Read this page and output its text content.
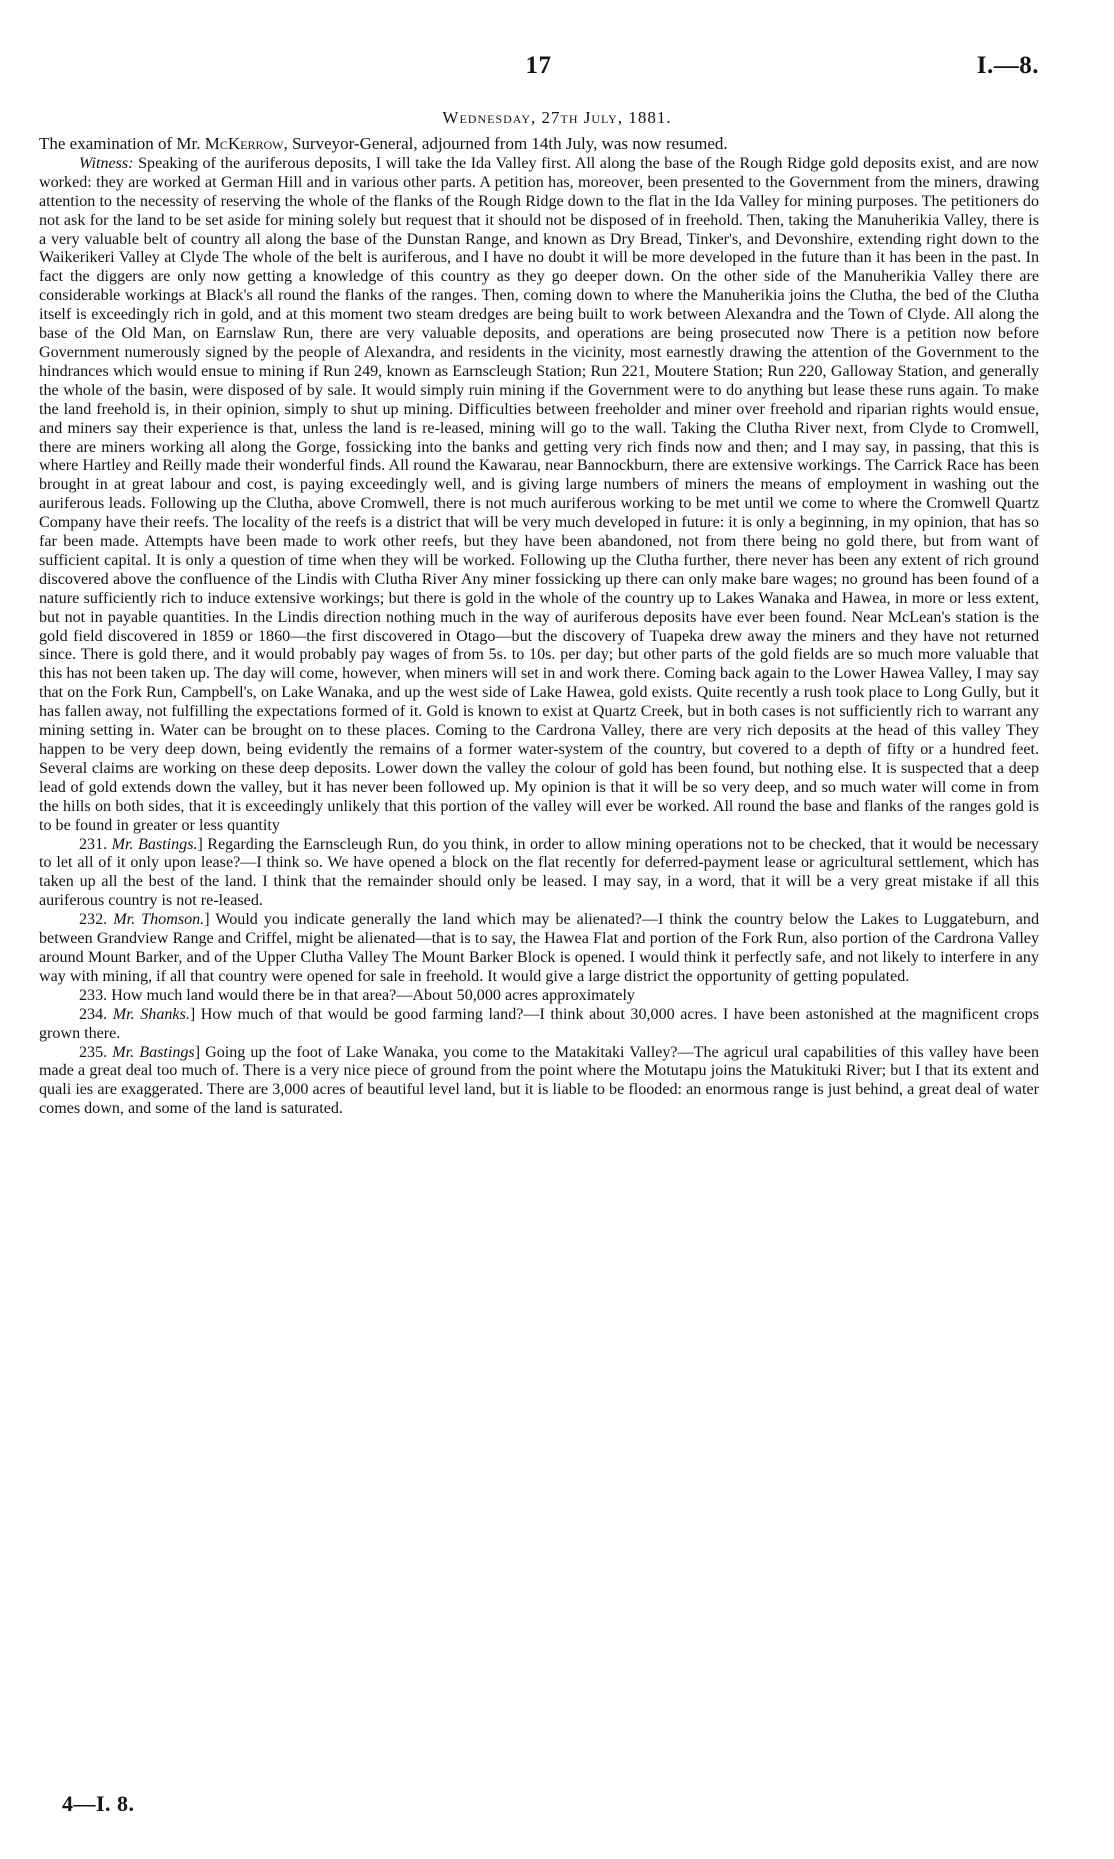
17	I.—8.
Wednesday, 27th July, 1881.

The examination of Mr. McKerrow, Surveyor-General, adjourned from 14th July, was now resumed.

Witness: Speaking of the auriferous deposits, I will take the Ida Valley first. All along the base of the Rough Ridge gold deposits exist, and are now worked: they are worked at German Hill and in various other parts. A petition has, moreover, been presented to the Government from the miners, drawing attention to the necessity of reserving the whole of the flanks of the Rough Ridge down to the flat in the Ida Valley for mining purposes. The petitioners do not ask for the land to be set aside for mining solely but request that it should not be disposed of in freehold. Then, taking the Manuherikia Valley, there is a very valuable belt of country all along the base of the Dunstan Range, and known as Dry Bread, Tinker's, and Devonshire, extending right down to the Waikerikeri Valley at Clyde The whole of the belt is auriferous, and I have no doubt it will be more developed in the future than it has been in the past. In fact the diggers are only now getting a knowledge of this country as they go deeper down. On the other side of the Manuherikia Valley there are considerable workings at Black's all round the flanks of the ranges. Then, coming down to where the Manuherikia joins the Clutha, the bed of the Clutha itself is exceedingly rich in gold, and at this moment two steam dredges are being built to work between Alexandra and the Town of Clyde. All along the base of the Old Man, on Earnslaw Run, there are very valuable deposits, and operations are being prosecuted now There is a petition now before Government numerously signed by the people of Alexandra, and residents in the vicinity, most earnestly drawing the attention of the Government to the hindrances which would ensue to mining if Run 249, known as Earnscleugh Station; Run 221, Moutere Station; Run 220, Galloway Station, and generally the whole of the basin, were disposed of by sale. It would simply ruin mining if the Government were to do anything but lease these runs again. To make the land freehold is, in their opinion, simply to shut up mining. Difficulties between freeholder and miner over freehold and riparian rights would ensue, and miners say their experience is that, unless the land is re-leased, mining will go to the wall. Taking the Clutha River next, from Clyde to Cromwell, there are miners working all along the Gorge, fossicking into the banks and getting very rich finds now and then; and I may say, in passing, that this is where Hartley and Reilly made their wonderful finds. All round the Kawarau, near Bannockburn, there are extensive workings. The Carrick Race has been brought in at great labour and cost, is paying exceedingly well, and is giving large numbers of miners the means of employment in washing out the auriferous leads. Following up the Clutha, above Cromwell, there is not much auriferous working to be met until we come to where the Cromwell Quartz Company have their reefs. The locality of the reefs is a district that will be very much developed in future: it is only a beginning, in my opinion, that has so far been made. Attempts have been made to work other reefs, but they have been abandoned, not from there being no gold there, but from want of sufficient capital. It is only a question of time when they will be worked. Following up the Clutha further, there never has been any extent of rich ground discovered above the confluence of the Lindis with Clutha River Any miner fossicking up there can only make bare wages; no ground has been found of a nature sufficiently rich to induce extensive workings; but there is gold in the whole of the country up to Lakes Wanaka and Hawea, in more or less extent, but not in payable quantities. In the Lindis direction nothing much in the way of auriferous deposits have ever been found. Near McLean's station is the gold field discovered in 1859 or 1860—the first discovered in Otago—but the discovery of Tuapeka drew away the miners and they have not returned since. There is gold there, and it would probably pay wages of from 5s. to 10s. per day; but other parts of the gold fields are so much more valuable that this has not been taken up. The day will come, however, when miners will set in and work there. Coming back again to the Lower Hawea Valley, I may say that on the Fork Run, Campbell's, on Lake Wanaka, and up the west side of Lake Hawea, gold exists. Quite recently a rush took place to Long Gully, but it has fallen away, not fulfilling the expectations formed of it. Gold is known to exist at Quartz Creek, but in both cases is not sufficiently rich to warrant any mining setting in. Water can be brought on to these places. Coming to the Cardrona Valley, there are very rich deposits at the head of this valley They happen to be very deep down, being evidently the remains of a former water-system of the country, but covered to a depth of fifty or a hundred feet. Several claims are working on these deep deposits. Lower down the valley the colour of gold has been found, but nothing else. It is suspected that a deep lead of gold extends down the valley, but it has never been followed up. My opinion is that it will be so very deep, and so much water will come in from the hills on both sides, that it is exceedingly unlikely that this portion of the valley will ever be worked. All round the base and flanks of the ranges gold is to be found in greater or less quantity

231. Mr. Bastings.] Regarding the Earnscleugh Run, do you think, in order to allow mining operations not to be checked, that it would be necessary to let all of it only upon lease?—I think so. We have opened a block on the flat recently for deferred-payment lease or agricultural settlement, which has taken up all the best of the land. I think that the remainder should only be leased. I may say, in a word, that it will be a very great mistake if all this auriferous country is not re-leased.

232. Mr. Thomson.] Would you indicate generally the land which may be alienated?—I think the country below the Lakes to Luggateburn, and between Grandview Range and Criffel, might be alienated—that is to say, the Hawea Flat and portion of the Fork Run, also portion of the Cardrona Valley around Mount Barker, and of the Upper Clutha Valley The Mount Barker Block is opened. I would think it perfectly safe, and not likely to interfere in any way with mining, if all that country were opened for sale in freehold. It would give a large district the opportunity of getting populated.

233. How much land would there be in that area?—About 50,000 acres approximately

234. Mr. Shanks.] How much of that would be good farming land?—I think about 30,000 acres. I have been astonished at the magnificent crops grown there.

235. Mr. Bastings] Going up the foot of Lake Wanaka, you come to the Matakitaki Valley?—The agricul ural capabilities of this valley have been made a great deal too much of. There is a very nice piece of ground from the point where the Motutapu joins the Matukituki River; but I that its extent and quali ies are exaggerated. There are 3,000 acres of beautiful level land, but it is liable to be flooded: an enormous range is just behind, a great deal of water comes down, and some of the land is saturated.

4—I. 8.
